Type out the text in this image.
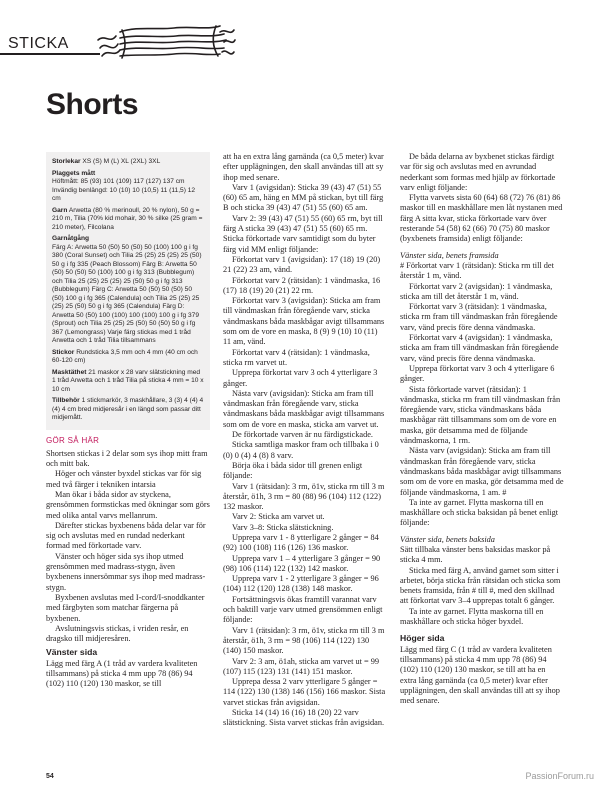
STICKA
Shorts
Storlekar XS (S) M (L) XL (2XL) 3XL
Plaggets mått
Höftmått: 85 (93) 101 (109) 117 (127) 137 cm Invändig benlängd: 10 (10) 10 (10,5) 11 (11,5) 12 cm
Garn Arwetta (80 % merinoull, 20 % nylon), 50 g = 210 m, Tilia (70% kid mohair, 30 % silke (25 gram = 210 meter), Filcolana
Garnåtgång
Färg A: Arwetta 50 (50) 50 (50) 50 (100) 100 g i fg 380 (Coral Sunset) och Tilia 25 (25) 25 (25) 25 (50) 50 g i fg 335 (Peach Blossom) Färg B: Arwetta 50 (50) 50 (50) 50 (100) 100 g i fg 313 (Bubblegum) och Tilia 25 (25) 25 (25) 25 (50) 50 g i fg 313 (Bubblegum) Färg C: Arwetta 50 (50) 50 (50) 50 (50) 100 g i fg 365 (Calendula) och Tilia 25 (25) 25 (25) 25 (50) 50 g i fg 365 (Calendula) Färg D: Arwetta 50 (50) 100 (100) 100 (100) 100 g i fg 379 (Sprout) och Tilia 25 (25) 25 (50) 50 (50) 50 g i fg 367 (Lemongrass) Varje färg stickas med 1 tråd Arwetta och 1 tråd Tilia tillsammans
Stickor Rundsticka 3,5 mm och 4 mm (40 cm och 60-120 cm)
Masktäthet 21 maskor x 28 varv slätstickning med 1 tråd Arwetta och 1 tråd Tilia på sticka 4 mm = 10 x 10 cm
Tillbehör 1 stickmarkör, 3 maskhållare, 3 (3) 4 (4) 4 (4) 4 cm bred midjeresår i en längd som passar ditt midjemått.
GÖR SÅ HÄR

Shortsen stickas i 2 delar som sys ihop mitt fram och mitt bak.

Höger och vänster byxdel stickas var för sig med två färger i tekniken intarsia

Man ökar i båda sidor av styckena, grensömmen formstickas med ökningar som görs med olika antal varvs mellanrum.

Därefter stickas byxbenens båda delar var för sig och avslutas med en rundad nederkant formad med förkortade varv.

Vänster och höger sida sys ihop utmed grensömmen med madrass-stygn, även byxbenens innersömmar sys ihop med madrass-stygn.

Byxbenen avslutas med I-cord/I-snoddkanter med färgbyten som matchar färgerna på byxbenen.

Avslutningsvis stickas, i vriden resår, en dragsko till midjeresåren.

Vänster sida

Lägg med färg A (1 tråd av vardera kvaliteten tillsammans) på sticka 4 mm upp 78 (86) 94 (102) 110 (120) 130 maskor, se till

att ha en extra lång garnända (ca 0,5 meter) kvar efter upplägningen, den skall användas till att sy ihop med senare.

Varv 1 (avigsidan): Sticka 39 (43) 47 (51) 55 (60) 65 am, häng en MM på stickan, byt till färg B och sticka 39 (43) 47 (51) 55 (60) 65 am.

Varv 2: 39 (43) 47 (51) 55 (60) 65 rm, byt till färg A sticka 39 (43) 47 (51) 55 (60) 65 rm. Sticka förkortade varv samtidigt som du byter färg vid MM enligt följande:

Förkortat varv 1 (avigsidan): 17 (18) 19 (20) 21 (22) 23 am, vänd.

Förkortat varv 2 (rätsidan): 1 vändmaska, 16 (17) 18 (19) 20 (21) 22 rm.

Förkortat varv 3 (avigsidan): Sticka am fram till vändmaskan från föregående varv, sticka vändmaskans båda maskbågar avigt tillsammans som om de vore en maska, 8 (9) 9 (10) 10 (11) 11 am, vänd.

Förkortat varv 4 (rätsidan): 1 vändmaska, sticka rm varvet ut.

Upprepa förkortat varv 3 och 4 ytterligare 3 gånger.

Nästa varv (avigsidan): Sticka am fram till vändmaskan från föregående varv, sticka vändmaskans båda maskbågar avigt tillsammans som om de vore en maska, sticka am varvet ut.

De förkortade varven är nu färdigstickade.

Sticka samtliga maskor fram och tillbaka i 0 (0) 0 (4) 4 (8) 8 varv.

Börja öka i båda sidor till grenen enligt följande:

Varv 1 (rätsidan): 3 rm, ö1v, sticka rm till 3 m återstår, ö1h, 3 rm = 80 (88) 96 (104) 112 (122) 132 maskor.

Varv 2: Sticka am varvet ut.

Varv 3–8: Sticka slätstickning.

Upprepa varv 1 - 8 ytterligare 2 gånger = 84 (92) 100 (108) 116 (126) 136 maskor.

Upprepa varv 1 – 4 ytterligare 3 gånger = 90 (98) 106 (114) 122 (132) 142 maskor.

Upprepa varv 1 - 2 ytterligare 3 gånger = 96 (104) 112 (120) 128 (138) 148 maskor.

Fortsättningsvis ökas framtill varannat varv och baktill varje varv utmed grensömmen enligt följande:

Varv 1 (rätsidan): 3 rm, ö1v, sticka rm till 3 m återstår, ö1h, 3 rm = 98 (106) 114 (122) 130 (140) 150 maskor.

Varv 2: 3 am, ö1ah, sticka am varvet ut = 99 (107) 115 (123) 131 (141) 151 maskor.

Upprepa dessa 2 varv ytterligare 5 gånger = 114 (122) 130 (138) 146 (156) 166 maskor. Sista varvet stickas från avigsidan.

Sticka 14 (14) 16 (16) 18 (20) 22 varv slätstickning. Sista varvet stickas från avigsidan.

De båda delarna av byxbenet stickas färdigt var för sig och avslutas med en avrundad nederkant som formas med hjälp av förkortade varv enligt följande:

Flytta varvets sista 60 (64) 68 (72) 76 (81) 86 maskor till en maskhållare men låt nystanen med färg A sitta kvar, sticka förkortade varv över resterande 54 (58) 62 (66) 70 (75) 80 maskor (byxbenets framsida) enligt följande:

Vänster sida, benets framsida

# Förkortat varv 1 (rätsidan): Sticka rm till det återstår 1 m, vänd.

Förkortat varv 2 (avigsidan): 1 vändmaska, sticka am till det återstår 1 m, vänd.

Förkortat varv 3 (rätsidan): 1 vändmaska, sticka rm fram till vändmaskan från föregående varv, vänd precis före denna vändmaska.

Förkortat varv 4 (avigsidan): 1 vändmaska, sticka am fram till vändmaskan från föregående varv, vänd precis före denna vändmaska.

Upprepa förkortat varv 3 och 4 ytterligare 6 gånger.

Sista förkortade varvet (rätsidan): 1 vändmaska, sticka rm fram till vändmaskan från föregående varv, sticka vändmaskans båda maskbågar rätt tillsammans som om de vore en maska, gör detsamma med de följande vändmaskorna, 1 rm.

Nästa varv (avigsidan): Sticka am fram till vändmaskan från föregående varv, sticka vändmaskans båda maskbågar avigt tillsammans som om de vore en maska, gör detsamma med de följande vändmaskorna, 1 am. #

Ta inte av garnet. Flytta maskorna till en maskhållare och sticka baksidan på benet enligt följande:

Vänster sida, benets baksida

Sätt tillbaka vänster bens baksidas maskor på sticka 4 mm.

Sticka med färg A, använd garnet som sitter i arbetet, börja sticka från rätsidan och sticka som benets framsida, från # till #, med den skillnad att förkortat varv 3–4 upprepas totalt 6 gånger.

Ta inte av garnet. Flytta maskorna till en maskhållare och sticka höger byxdel.

Höger sida

Lägg med färg C (1 tråd av vardera kvaliteten tillsammans) på sticka 4 mm upp 78 (86) 94 (102) 110 (120) 130 maskor, se till att ha en extra lång garnända (ca 0,5 meter) kvar efter upplägningen, den skall användas till att sy ihop med senare.

54	PassionForum.ru
